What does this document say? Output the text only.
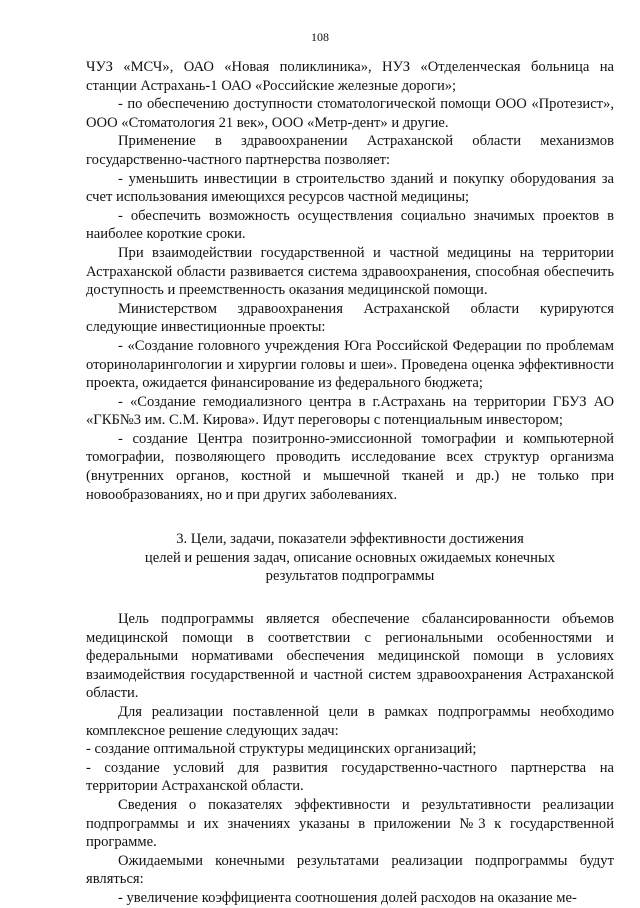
108

ЧУЗ «МСЧ», ОАО «Новая поликлиника», НУЗ «Отделенческая больница на станции Астрахань-1 ОАО «Российские железные дороги»;

- по обеспечению доступности стоматологической помощи ООО «Протезист», ООО «Стоматология 21 век», ООО «Метр-дент» и другие.

Применение в здравоохранении Астраханской области механизмов государственно-частного партнерства позволяет:

- уменьшить инвестиции в строительство зданий и покупку оборудования за счет использования имеющихся ресурсов частной медицины;

- обеспечить возможность осуществления социально значимых проектов в наиболее короткие сроки.

При взаимодействии государственной и частной медицины на территории Астраханской области развивается система здравоохранения, способная обеспечить доступность и преемственность оказания медицинской помощи.

Министерством здравоохранения Астраханской области курируются следующие инвестиционные проекты:

- «Создание головного учреждения Юга Российской Федерации по проблемам оториноларингологии и хирургии головы и шеи». Проведена оценка эффективности проекта, ожидается финансирование из федерального бюджета;

- «Создание гемодиализного центра в г.Астрахань на территории ГБУЗ АО «ГКБ№3 им. С.М. Кирова». Идут переговоры с потенциальным инвестором;

- создание Центра позитронно-эмиссионной томографии и компьютерной томографии, позволяющего проводить исследование всех структур организма (внутренних органов, костной и мышечной тканей и др.) не только при новообразованиях, но и при других заболеваниях.

3. Цели, задачи, показатели эффективности достижения
целей и решения задач, описание основных ожидаемых конечных
результатов подпрограммы

Цель подпрограммы является обеспечение сбалансированности объемов медицинской помощи в соответствии с региональными особенностями и федеральными нормативами обеспечения медицинской помощи в условиях взаимодействия государственной и частной систем здравоохранения Астраханской области.

Для реализации поставленной цели в рамках подпрограммы необходимо комплексное решение следующих задач:

- создание оптимальной структуры медицинских организаций;

- создание условий для развития государственно-частного партнерства на территории Астраханской области.

Сведения о показателях эффективности и результативности реализации подпрограммы и их значениях указаны в приложении №3 к государственной программе.

Ожидаемыми конечными результатами реализации подпрограммы будут являться:

- увеличение коэффициента соотношения долей расходов на оказание ме-
